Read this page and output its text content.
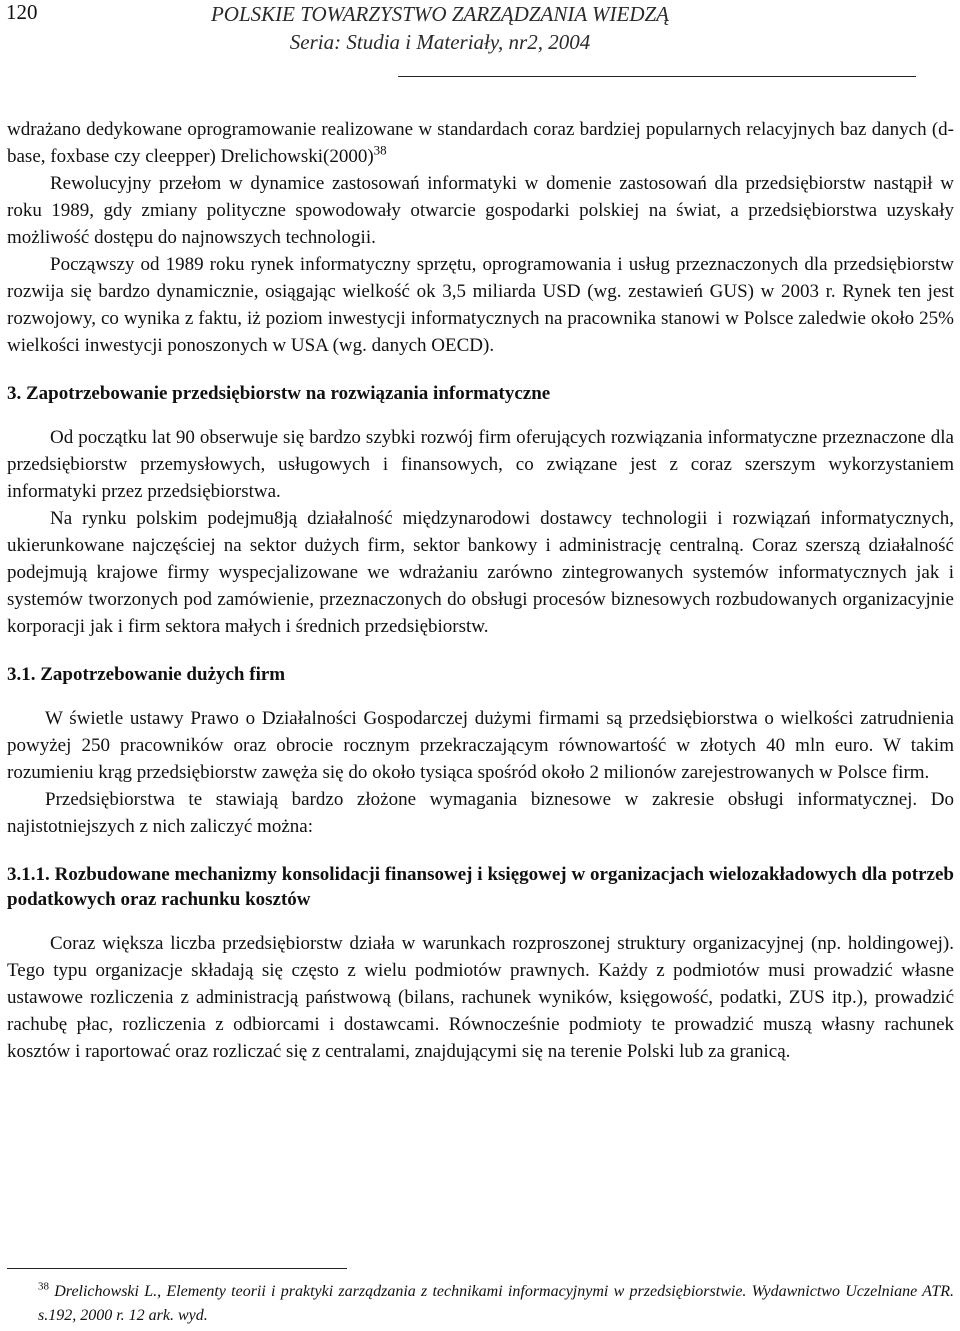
120	POLSKIE TOWARZYSTWO ZARZĄDZANIA WIEDZĄ
Seria: Studia i Materiały, nr2, 2004

wdrażano dedykowane oprogramowanie realizowane w standardach coraz bardziej popularnych relacyjnych baz danych (d-base, foxbase czy cleepper) $Drelichowski(2000)^{38}$

Rewolucyjny przełom w dynamice zastosowań informatyki w domenie zastosowań dla przedsiębiorstw nastąpił w roku 1989, gdy zmiany polityczne spowodowały otwarcie gospodarki polskiej na świat, a przedsiębiorstwa uzyskały możliwość dostępu do najnowszych technologii.

Począwszy od 1989 roku rynek informatyczny sprzętu, oprogramowania i usług przeznaczonych dla przedsiębiorstw rozwija się bardzo dynamicznie, osiągając wielkość ok 3,5 miliarda USD (wg. zestawień GUS) w 2003 r. Rynek ten jest rozwojowy, co wynika z faktu, iż poziom inwestycji informatycznych na pracownika stanowi w Polsce zaledwie około 25% wielkości inwestycji ponoszonych w USA (wg. danych OECD).

3. Zapotrzebowanie przedsiębiorstw na rozwiązania informatyczne

Od początku lat 90 obserwuje się bardzo szybki rozwój firm oferujących rozwiązania informatyczne przeznaczone dla przedsiębiorstw przemysłowych, usługowych i finansowych, co związane jest z coraz szerszym wykorzystaniem informatyki przez przedsiębiorstwa.

Na rynku polskim podejmu8ją działalność międzynarodowi dostawcy technologii i rozwiązań informatycznych, ukierunkowane najczęściej na sektor dużych firm, sektor bankowy i administrację centralną. Coraz szerszą działalność podejmują krajowe firmy wyspecjalizowane we wdrażaniu zarówno zintegrowanych systemów informatycznych jak i systemów tworzonych pod zamówienie, przeznaczonych do obsługi procesów biznesowych rozbudowanych organizacyjnie korporacji jak i firm sektora małych i średnich przedsiębiorstw.

3.1. Zapotrzebowanie dużych firm

W świetle ustawy Prawo o Działalności Gospodarczej dużymi firmami są przedsiębiorstwa o wielkości zatrudnienia powyżej 250 pracowników oraz obrocie rocznym przekraczającym równowartość w złotych 40 mln euro. W takim rozumieniu krąg przedsiębiorstw zawęża się do około tysiąca spośród około 2 milionów zarejestrowanych w Polsce firm.

Przedsiębiorstwa te stawiają bardzo złożone wymagania biznesowe w zakresie obsługi informatycznej. Do najistotniejszych z nich zaliczyć można:

3.1.1. Rozbudowane mechanizmy konsolidacji finansowej i księgowej w organizacjach wielozakładowych dla potrzeb podatkowych oraz rachunku kosztów

Coraz większa liczba przedsiębiorstw działa w warunkach rozproszonej struktury organizacyjnej (np. holdingowej). Tego typu organizacje składają się często z wielu podmiotów prawnych. Każdy z podmiotów musi prowadzić własne ustawowe rozliczenia z administracją państwową (bilans, rachunek wyników, księgowość, podatki, ZUS itp.), prowadzić rachubę płac, rozliczenia z odbiorcami i dostawcami. Równocześnie podmioty te prowadzić muszą własny rachunek kosztów i raportować oraz rozliczać się z centralami, znajdującymi się na terenie Polski lub za granicą.

$^{38}$ Drelichowski L., Elementy teorii i praktyki zarządzania z technikami informacyjnymi w przedsiębiorstwie. Wydawnictwo Uczelniane ATR. s.192, 2000 r. 12 ark. wyd.
